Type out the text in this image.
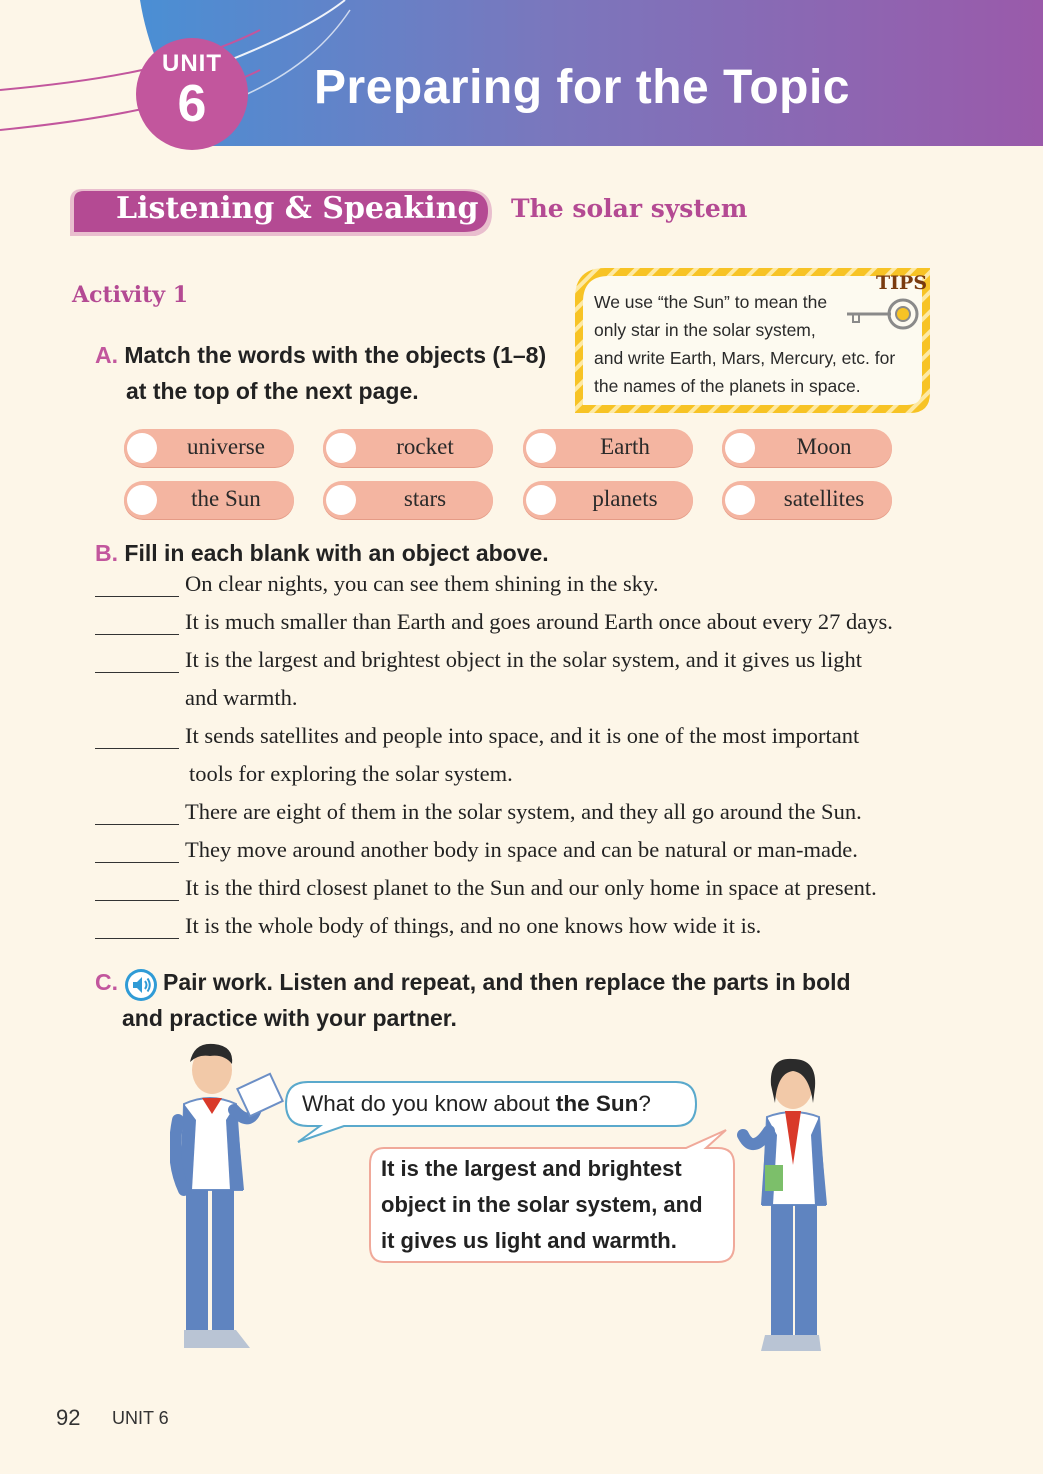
UNIT
6	Preparing for the Topic
Listening & Speaking The solar system
Activity 1
A. Match the words with the objects (1–8)
at the top of the next page.
TIPS
We use “the Sun” to mean the
only star in the solar system,
and write Earth, Mars, Mercury, etc. for
the names of the planets in space.
universe	rocket	Earth	Moon
the Sun	stars	planets	satellites
B. Fill in each blank with an object above.
On clear nights, you can see them shining in the sky.
It is much smaller than Earth and goes around Earth once about every 27 days.
It is the largest and brightest object in the solar system, and it gives us light
and warmth.
It sends satellites and people into space, and it is one of the most important
tools for exploring the solar system.
There are eight of them in the solar system, and they all go around the Sun.
They move around another body in space and can be natural or man-made.
It is the third closest planet to the Sun and our only home in space at present.
It is the whole body of things, and no one knows how wide it is.
C. Pair work. Listen and repeat, and then replace the parts in bold
and practice with your partner.
What do you know about the Sun?
It is the largest and brightest
object in the solar system, and
it gives us light and warmth.
92 UNIT 6
